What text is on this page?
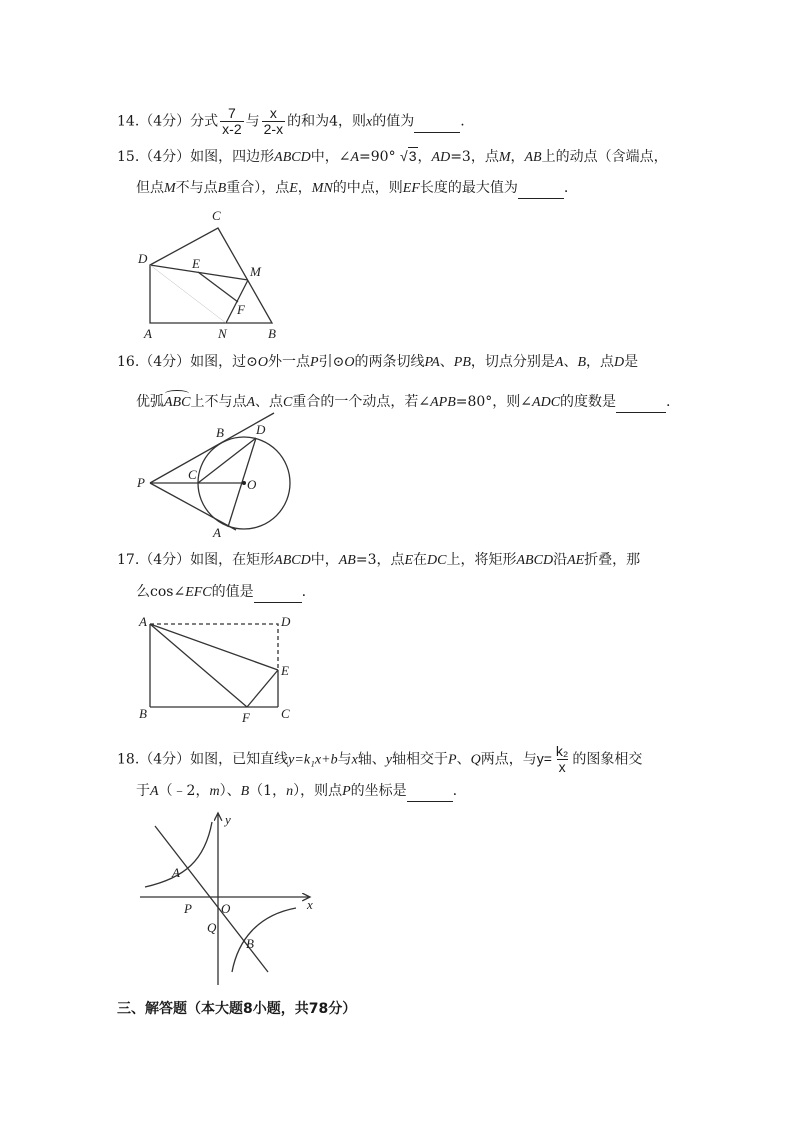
14.（4分）分式 $\frac{7}{x-2}$ 与 $\frac{x}{2-x}$ 的和为4，则x的值为	.
15.（4分）如图，四边形ABCD中，∠A=90° √3，AD=3，点M，AB上的动点（含端点，
但点M不与点B重合），点E，MN的中点，则EF长度的最大值为	.
C
D	E
M
F
A	N	B
16.（4分）如图，过⊙O外一点P引⊙O的两条切线PA、PB，切点分别是A、B，点D是
优弧ABC上不与点A、点C重合的一个动点，若∠APB=80°，则∠ADC的度数是	.
B D
P
C
O
A
17.（4分）如图，在矩形ABCD中，AB=3，点E在DC上，将矩形ABCD沿AE折叠，那
么cos∠EFC的值是	.
A	D
E
B	F C
18.（4分）如图，已知直线y=k₁x+b与x轴、y轴相交于P、Q两点，与$y= \frac{\text{k₂}}{x}$ 的图象相交
于A（﹣2，m）、B（1，n），则点P的坐标是	.
y
A
P O	x
Q
B
三、解答题（本大题8小题，共78分）
